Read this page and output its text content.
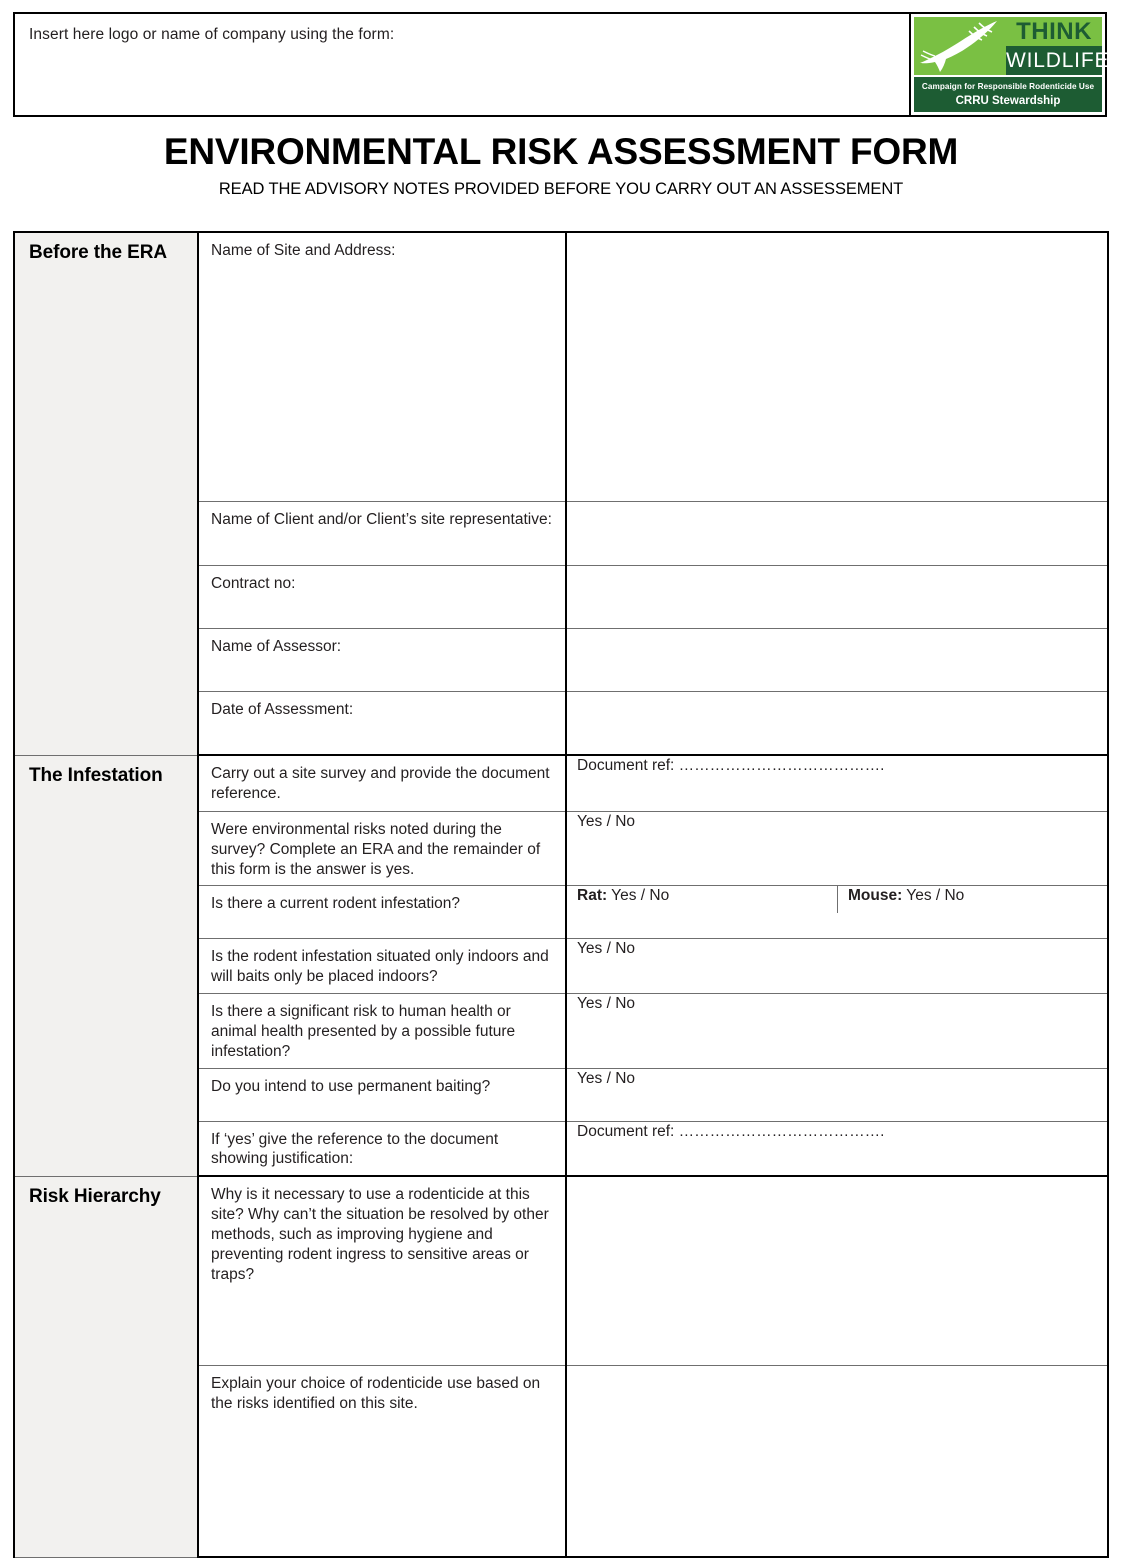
Insert here logo or name of company using the form:	THINK
WILDLIFE
Campaign for Responsible Rodenticide Use
CRRU Stewardship
ENVIRONMENTAL RISK ASSESSMENT FORM
READ THE ADVISORY NOTES PROVIDED BEFORE YOU CARRY OUT AN ASSESSEMENT
Before the ERA	Name of Site and Address:	

	Name of Client and/or Client’s site representative:	

	Contract no:	

	Name of Assessor:	

	Date of Assessment:	

The Infestation	Carry out a site survey and provide the document reference.	Document ref: ………………………………….

	Were environmental risks noted during the survey? Complete an ERA and the remainder of this form is the answer is yes.	Yes / No

	Is there a current rodent infestation?	Rat: Yes / No Mouse: Yes / No

	Is the rodent infestation situated only indoors and will baits only be placed indoors?	Yes / No

	Is there a significant risk to human health or animal health presented by a possible future infestation?	Yes / No

	Do you intend to use permanent baiting?	Yes / No

	If ‘yes’ give the reference to the document showing justification:	Document ref: ………………………………….

Risk Hierarchy	Why is it necessary to use a rodenticide at this site? Why can’t the situation be resolved by other methods, such as improving hygiene and preventing rodent ingress to sensitive areas or traps?	

	Explain your choice of rodenticide use based on the risks identified on this site.	
